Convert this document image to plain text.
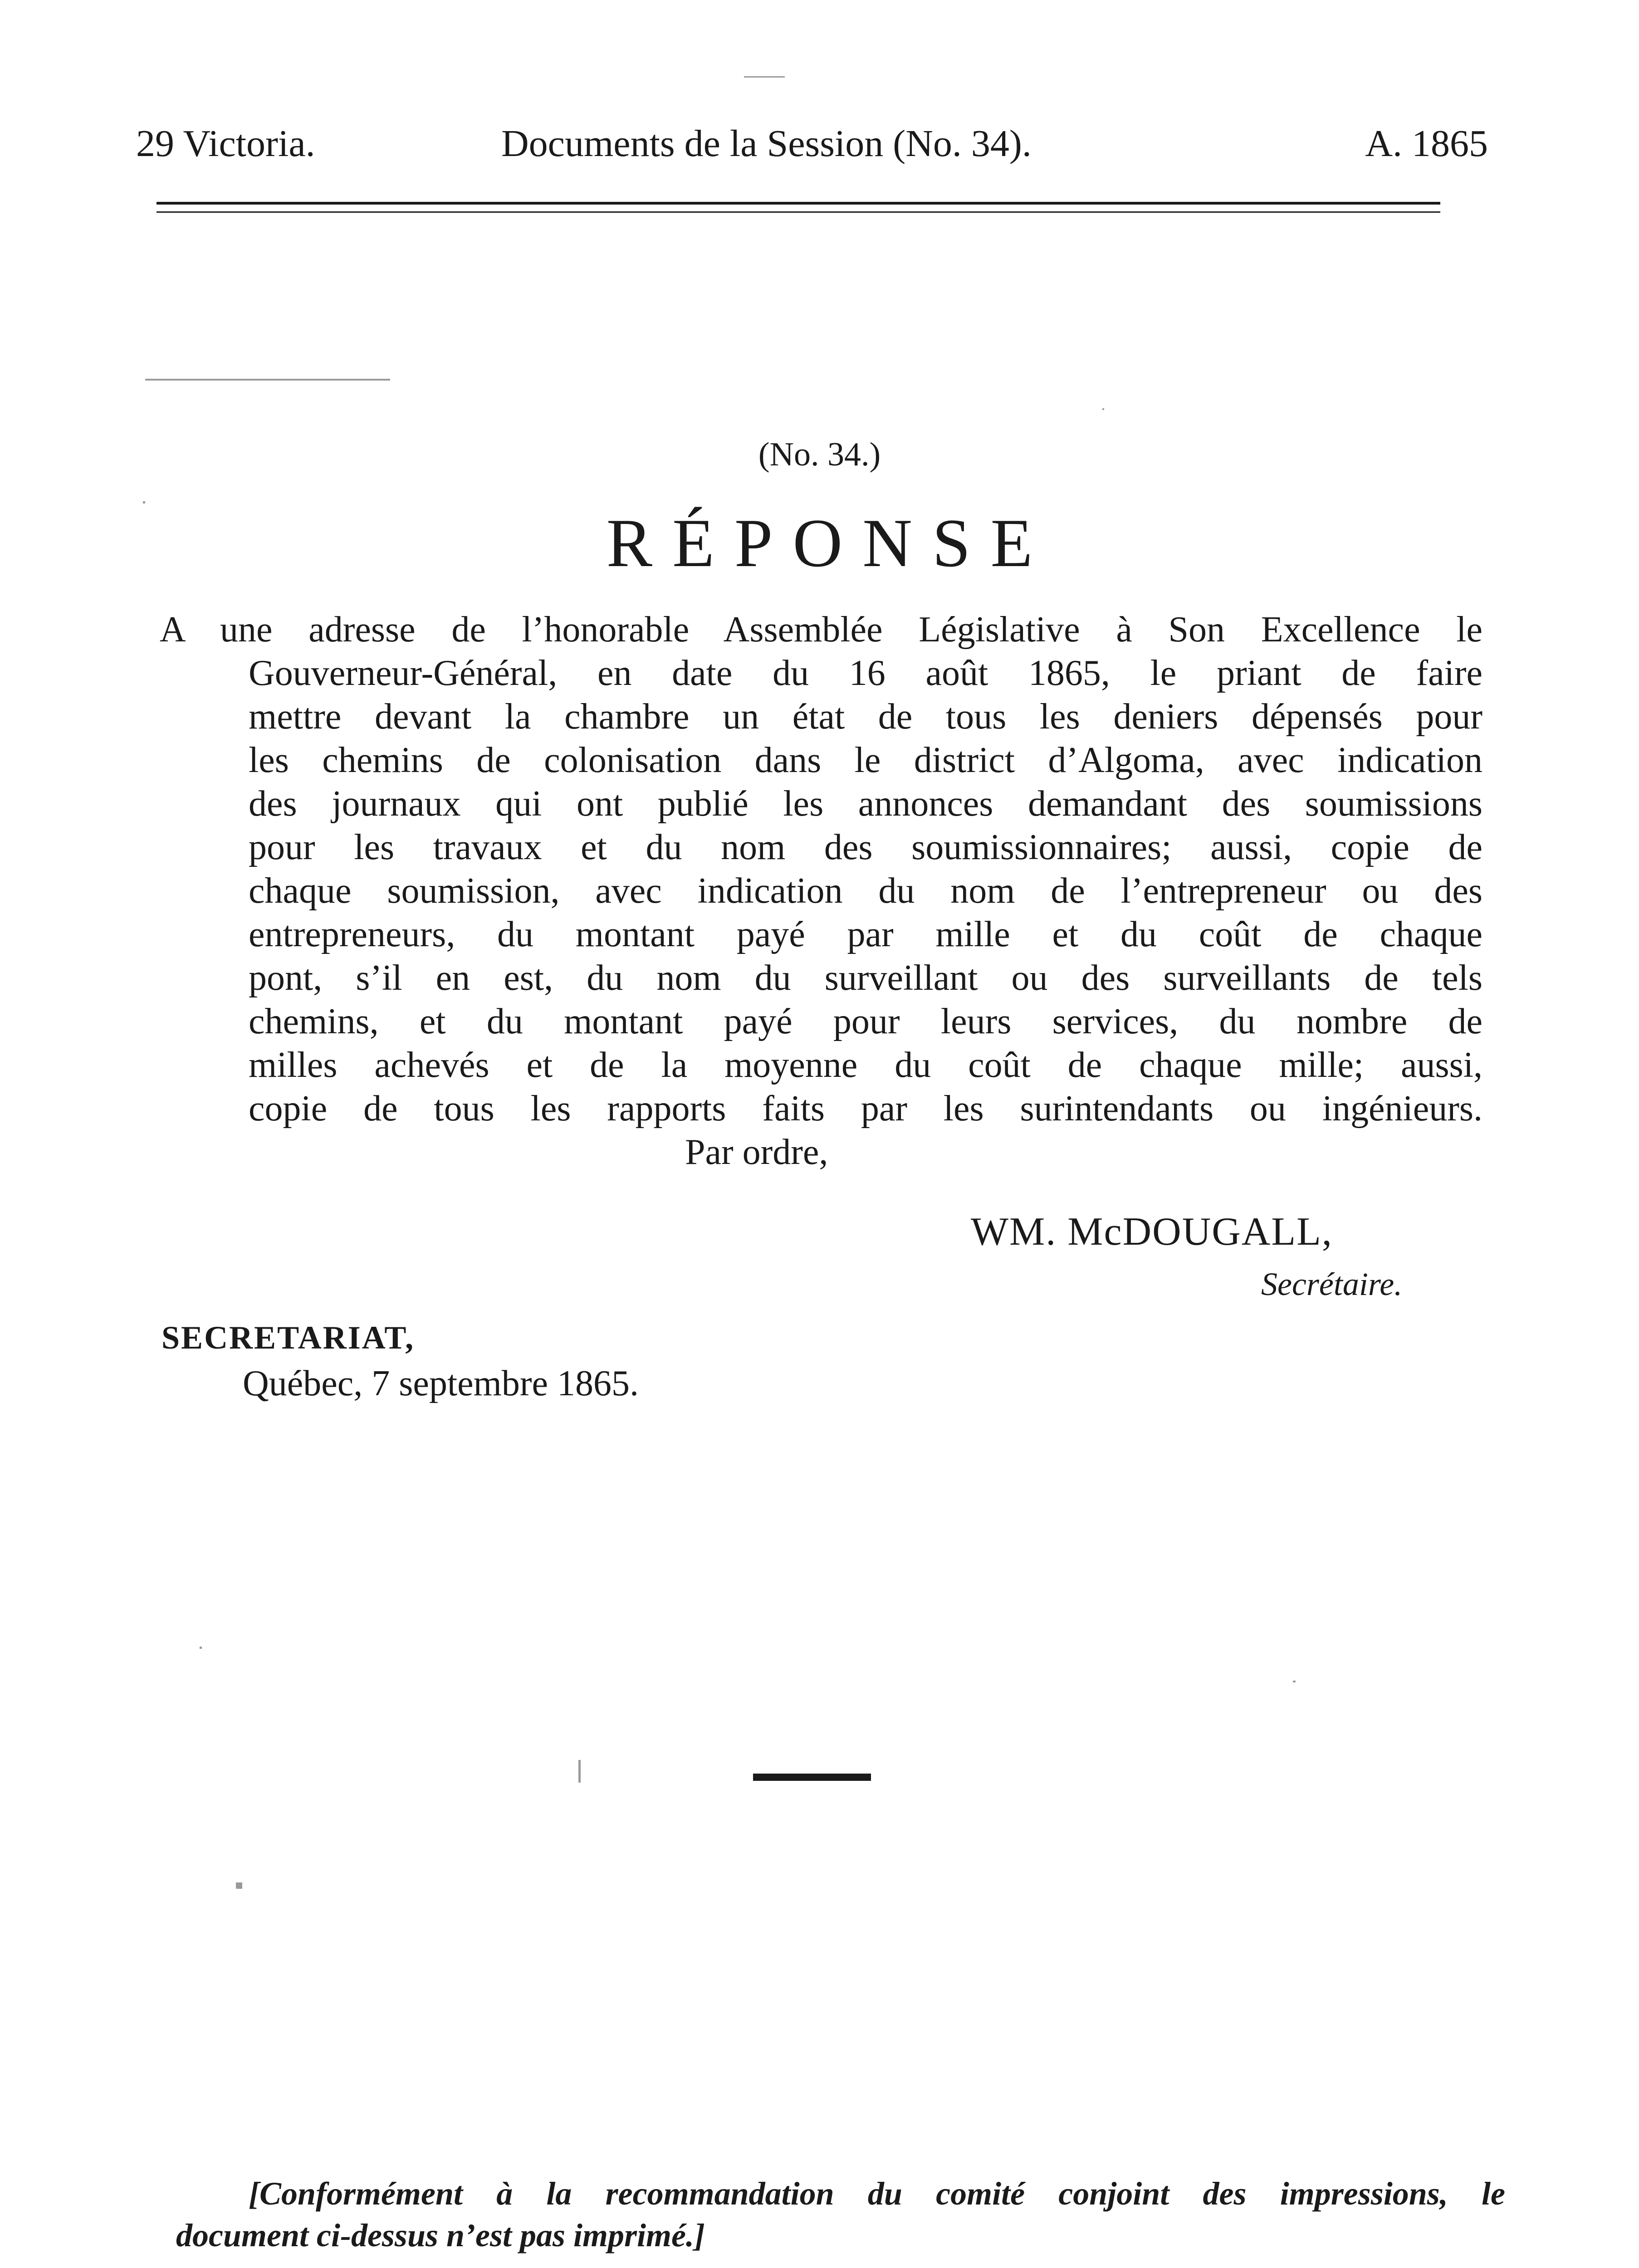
29 Victoria.	Documents de la Session (No. 34).	A. 1865
(No. 34.)
RÉPONSE
A une adresse de l’honorable Assemblée Législative à Son Excellence le
Gouverneur-Général, en date du 16 août 1865, le priant de faire
mettre devant la chambre un état de tous les deniers dépensés pour
les chemins de colonisation dans le district d’Algoma, avec indication
des journaux qui ont publié les annonces demandant des soumissions
pour les travaux et du nom des soumissionnaires; aussi, copie de
chaque soumission, avec indication du nom de l’entrepreneur ou des
entrepreneurs, du montant payé par mille et du coût de chaque
pont, s’il en est, du nom du surveillant ou des surveillants de tels
chemins, et du montant payé pour leurs services, du nombre de
milles achevés et de la moyenne du coût de chaque mille; aussi,
copie de tous les rapports faits par les surintendants ou ingénieurs.
Par ordre,
WM. McDOUGALL,
Secrétaire.
SECRETARIAT,
Québec, 7 septembre 1865.
[Conformément à la recommandation du comité conjoint des impressions, le
document ci-dessus n’est pas imprimé.]
